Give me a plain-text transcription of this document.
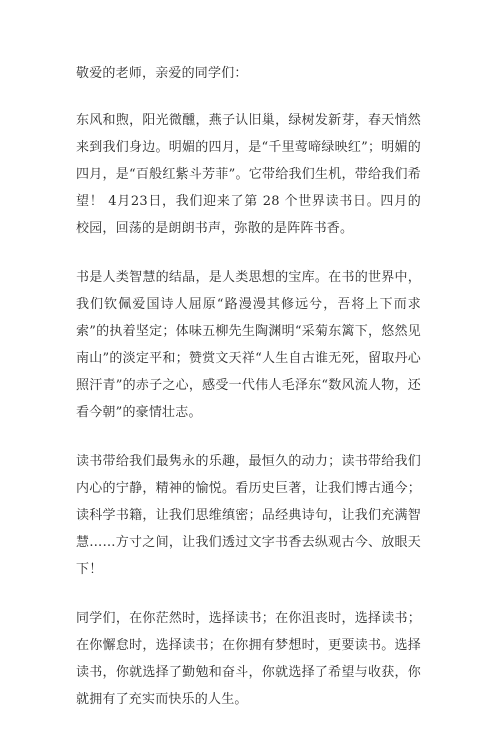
敬爱的老师，亲爱的同学们：

东风和煦，阳光微醺，燕子认旧巢，绿树发新芽，春天悄然来到我们身边。明媚的四月，是“千里莺啼绿映红”；明媚的四月，是“百般红紫斗芳菲”。它带给我们生机，带给我们希望！ 4月23日，我们迎来了第 28 个世界读书日。四月的校园，回荡的是朗朗书声，弥散的是阵阵书香。

书是人类智慧的结晶，是人类思想的宝库。在书的世界中，我们钦佩爱国诗人屈原“路漫漫其修远兮，吾将上下而求索”的执着坚定；体味五柳先生陶渊明“采菊东篱下，悠然见南山”的淡定平和；赞赏文天祥“人生自古谁无死，留取丹心照汗青”的赤子之心，感受一代伟人毛泽东“数风流人物，还看今朝”的豪情壮志。

读书带给我们最隽永的乐趣，最恒久的动力；读书带给我们内心的宁静，精神的愉悦。看历史巨著，让我们博古通今；读科学书籍，让我们思维缜密；品经典诗句，让我们充满智慧……方寸之间，让我们透过文字书香去纵观古今、放眼天下！

同学们，在你茫然时，选择读书；在你沮丧时，选择读书；在你懈怠时，选择读书；在你拥有梦想时，更要读书。选择读书，你就选择了勤勉和奋斗，你就选择了希望与收获，你就拥有了充实而快乐的人生。
